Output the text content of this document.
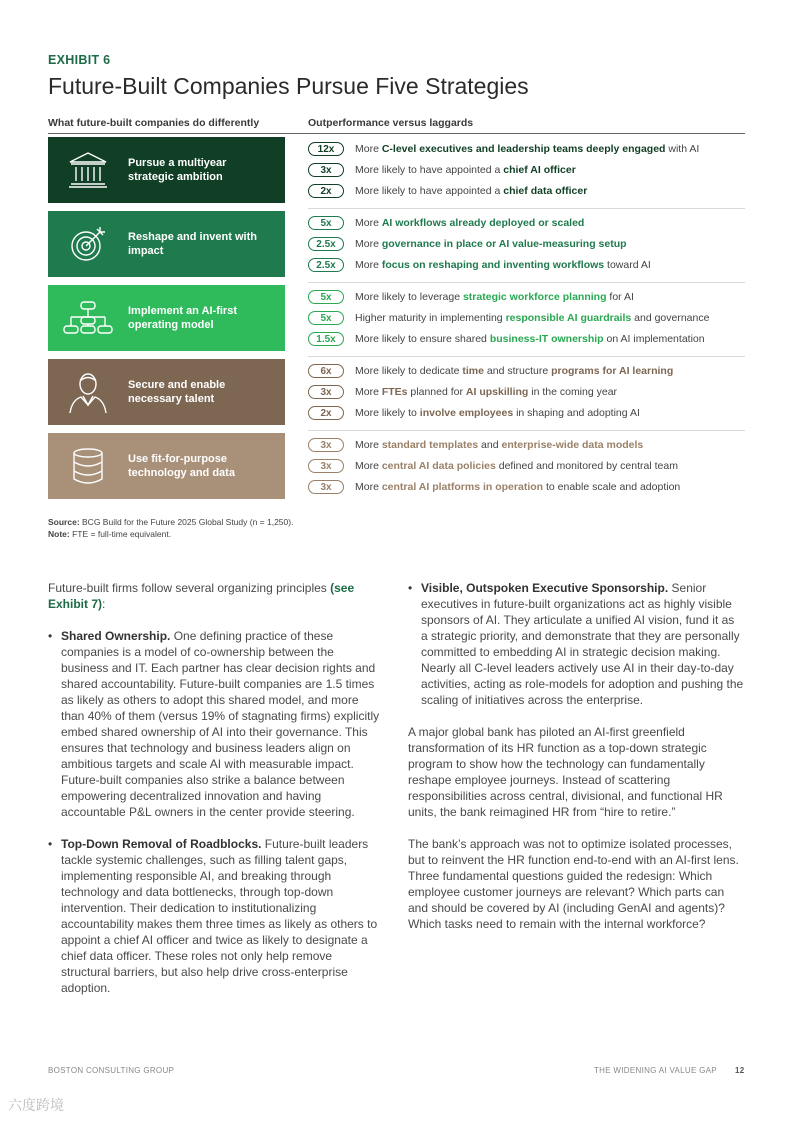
EXHIBIT 6
Future-Built Companies Pursue Five Strategies
What future-built companies do differently	Outperformance versus laggards
Pursue a multiyear strategic ambition
12x	More C-level executives and leadership teams deeply engaged with AI
3x	More likely to have appointed a chief AI officer
2x	More likely to have appointed a chief data officer
Reshape and invent with impact
5x	More AI workflows already deployed or scaled
2.5x	More governance in place or AI value-measuring setup
2.5x	More focus on reshaping and inventing workflows toward AI
Implement an AI-first operating model
5x	More likely to leverage strategic workforce planning for AI
5x	Higher maturity in implementing responsible AI guardrails and governance
1.5x	More likely to ensure shared business-IT ownership on AI implementation
Secure and enable necessary talent
6x	More likely to dedicate time and structure programs for AI learning
3x	More FTEs planned for AI upskilling in the coming year
2x	More likely to involve employees in shaping and adopting AI
Use fit-for-purpose technology and data
3x	More standard templates and enterprise-wide data models
3x	More central AI data policies defined and monitored by central team
3x	More central AI platforms in operation to enable scale and adoption
Source: BCG Build for the Future 2025 Global Study (n = 1,250).
Note: FTE = full-time equivalent.

Future-built firms follow several organizing principles (see Exhibit 7):

• Shared Ownership. One defining practice of these companies is a model of co-ownership between the business and IT. Each partner has clear decision rights and shared accountability. Future-built companies are 1.5 times as likely as others to adopt this shared model, and more than 40% of them (versus 19% of stagnating firms) explicitly embed shared ownership of AI into their governance. This ensures that technology and business leaders align on ambitious targets and scale AI with measurable impact. Future-built companies also strike a balance between empowering decentralized innovation and having accountable P&L owners in the center provide steering.

• Top-Down Removal of Roadblocks. Future-built leaders tackle systemic challenges, such as filling talent gaps, implementing responsible AI, and breaking through technology and data bottlenecks, through top-down intervention. Their dedication to institutionalizing accountability makes them three times as likely as others to appoint a chief AI officer and twice as likely to designate a chief data officer. These roles not only help remove structural barriers, but also help drive cross-enterprise adoption.

• Visible, Outspoken Executive Sponsorship. Senior executives in future-built organizations act as highly visible sponsors of AI. They articulate a unified AI vision, fund it as a strategic priority, and demonstrate that they are personally committed to embedding AI in strategic decision making. Nearly all C-level leaders actively use AI in their day-to-day activities, acting as role-models for adoption and pushing the scaling of initiatives across the enterprise.

A major global bank has piloted an AI-first greenfield transformation of its HR function as a top-down strategic program to show how the technology can fundamentally reshape employee journeys. Instead of scattering responsibilities across central, divisional, and functional HR units, the bank reimagined HR from “hire to retire.”

The bank’s approach was not to optimize isolated processes, but to reinvent the HR function end-to-end with an AI-first lens. Three fundamental questions guided the redesign: Which employee customer journeys are relevant? Which parts can and should be covered by AI (including GenAI and agents)? Which tasks need to remain with the internal workforce?

BOSTON CONSULTING GROUP	THE WIDENING AI VALUE GAP 12
六度跨境
